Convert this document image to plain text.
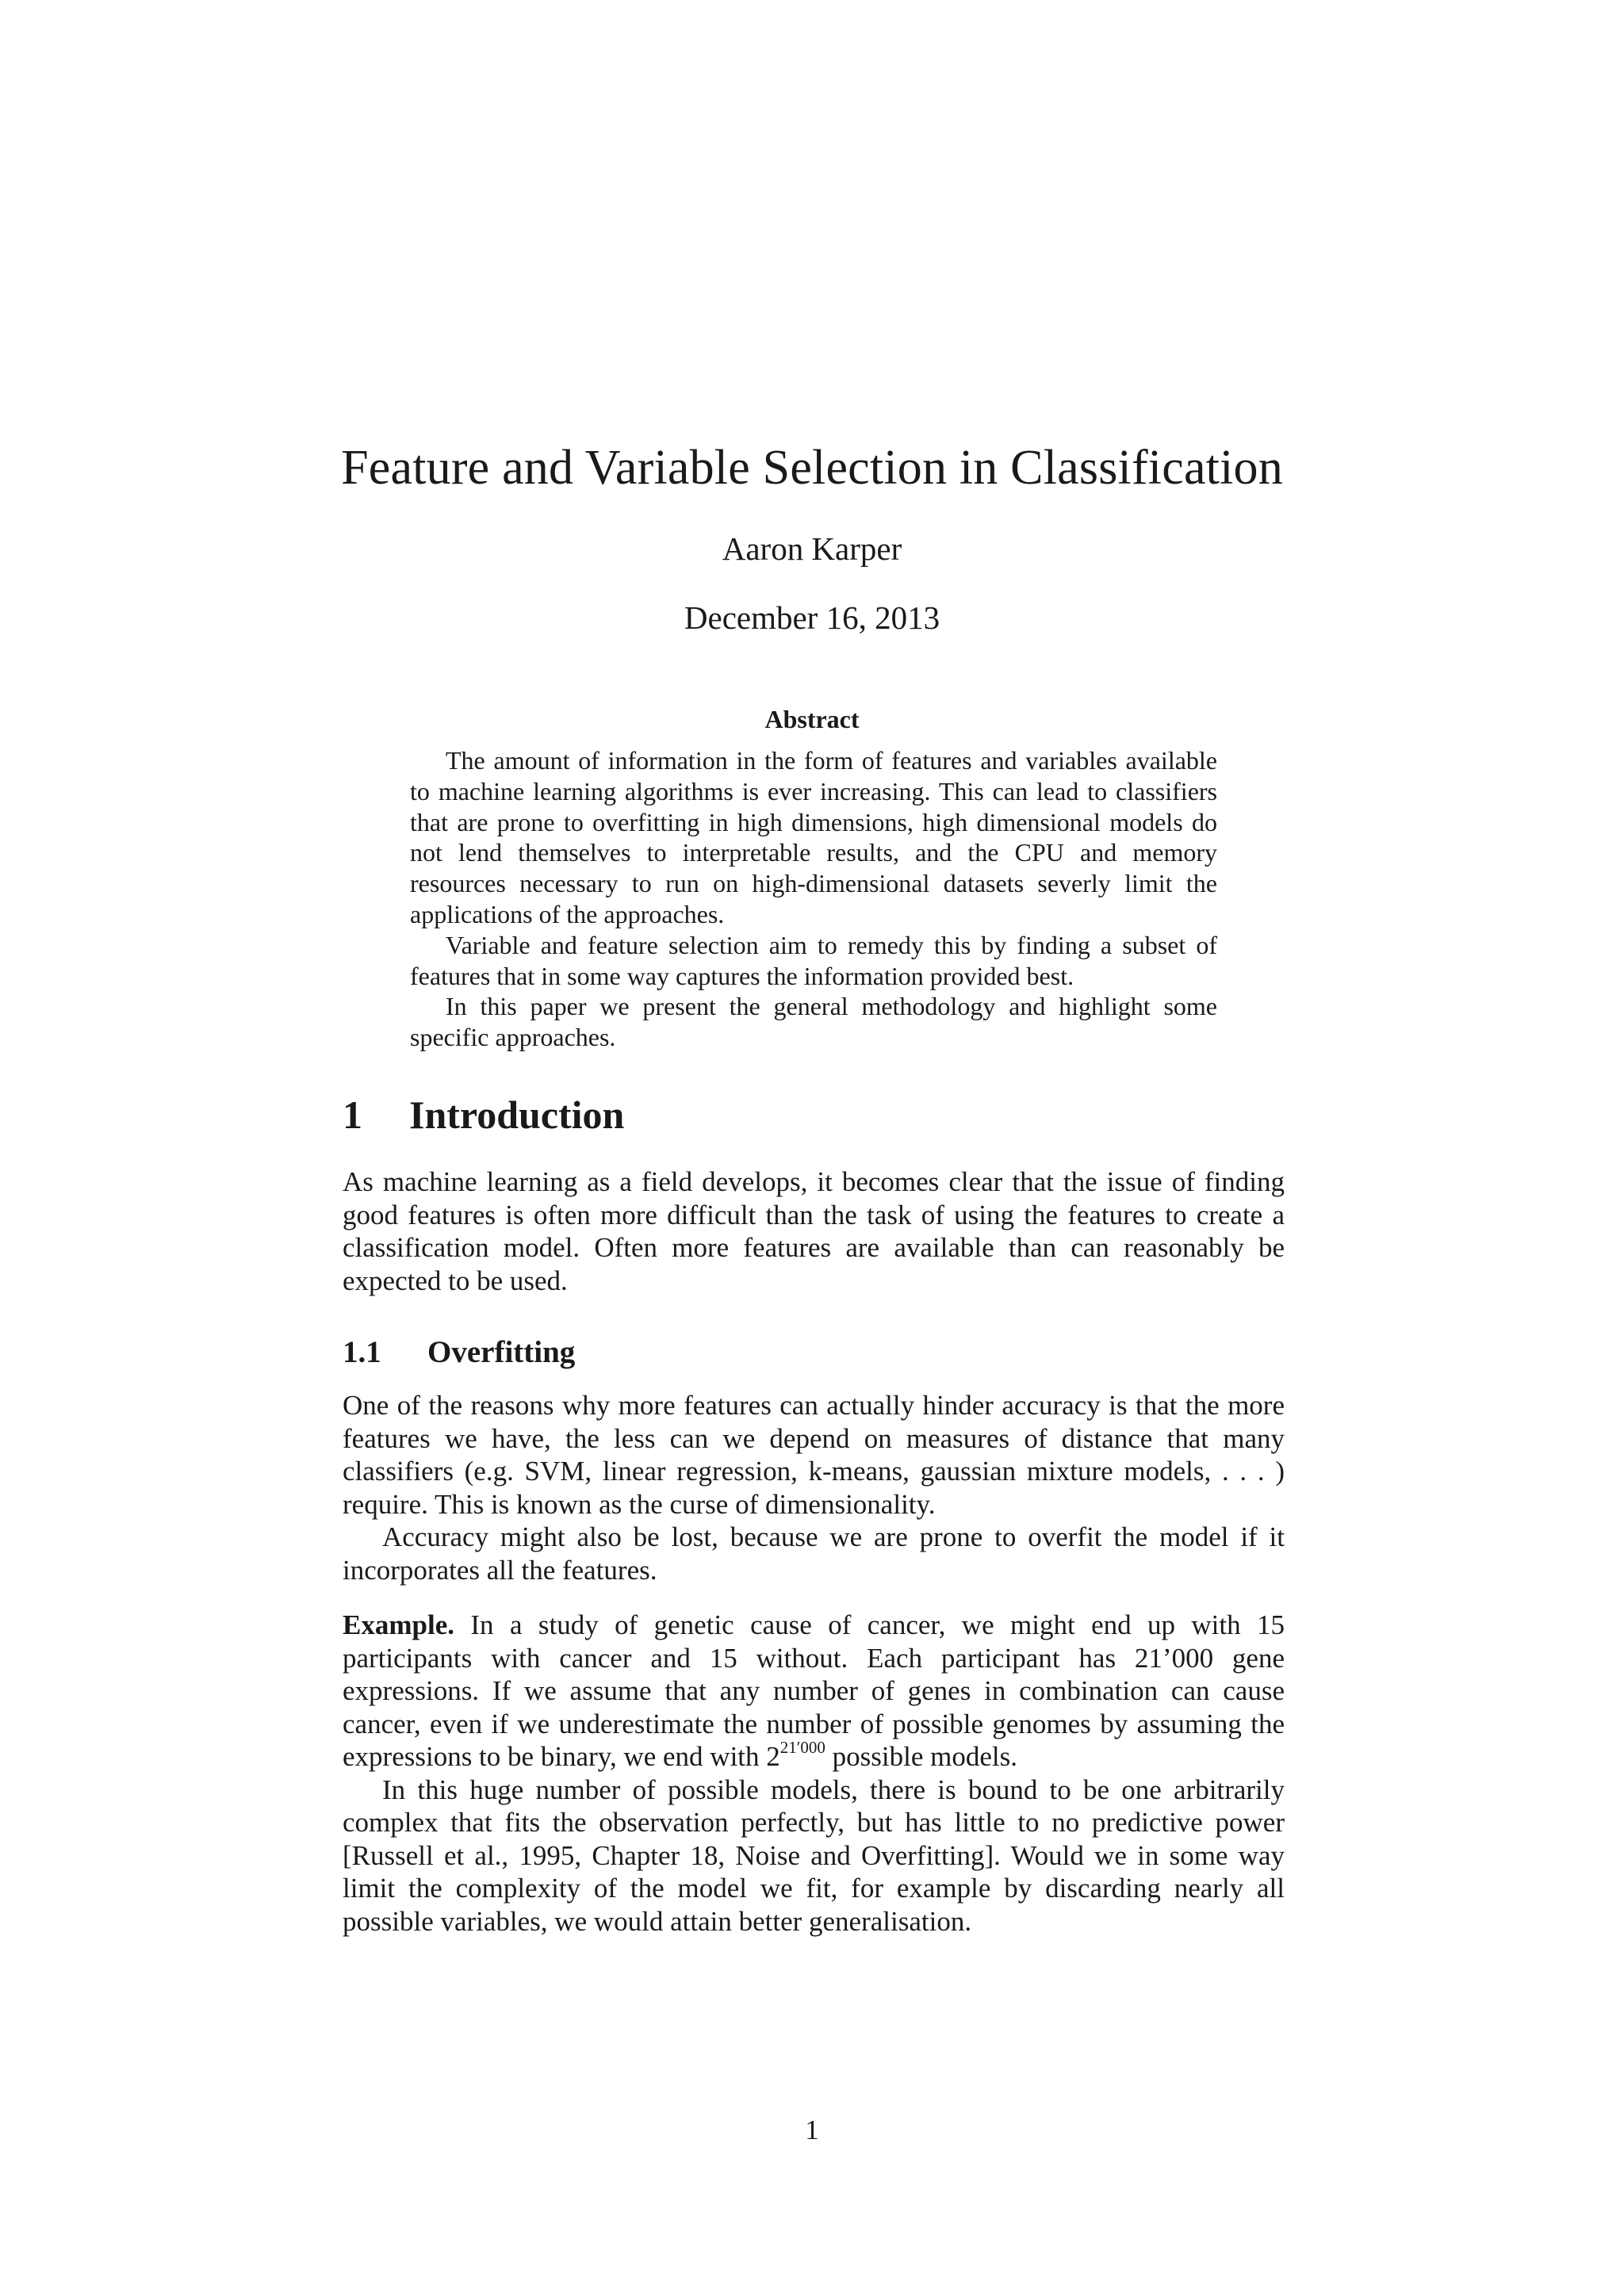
Feature and Variable Selection in Classification
Aaron Karper
December 16, 2013
Abstract

The amount of information in the form of features and variables available to machine learning algorithms is ever increasing. This can lead to classifiers that are prone to overfitting in high dimensions, high dimensional models do not lend themselves to interpretable results, and the CPU and memory resources necessary to run on high-dimensional datasets severly limit the applications of the approaches.

Variable and feature selection aim to remedy this by finding a subset of features that in some way captures the information provided best.

In this paper we present the general methodology and highlight some specific approaches.

1 Introduction

As machine learning as a field develops, it becomes clear that the issue of finding good features is often more difficult than the task of using the features to create a classification model. Often more features are available than can reasonably be expected to be used.

1.1 Overfitting

One of the reasons why more features can actually hinder accuracy is that the more features we have, the less can we depend on measures of distance that many classifiers (e.g. SVM, linear regression, k-means, gaussian mixture models, . . . ) require. This is known as the curse of dimensionality.

Accuracy might also be lost, because we are prone to overfit the model if it incorporates all the features.

Example. In a study of genetic cause of cancer, we might end up with 15 participants with cancer and 15 without. Each participant has 21’000 gene expressions. If we assume that any number of genes in combination can cause cancer, even if we underestimate the number of possible genomes by assuming the expressions to be binary, we end with $2^{21'000}$ possible models.

In this huge number of possible models, there is bound to be one arbitrarily complex that fits the observation perfectly, but has little to no predictive power [Russell et al., 1995, Chapter 18, Noise and Overfitting]. Would we in some way limit the complexity of the model we fit, for example by discarding nearly all possible variables, we would attain better generalisation.

1
